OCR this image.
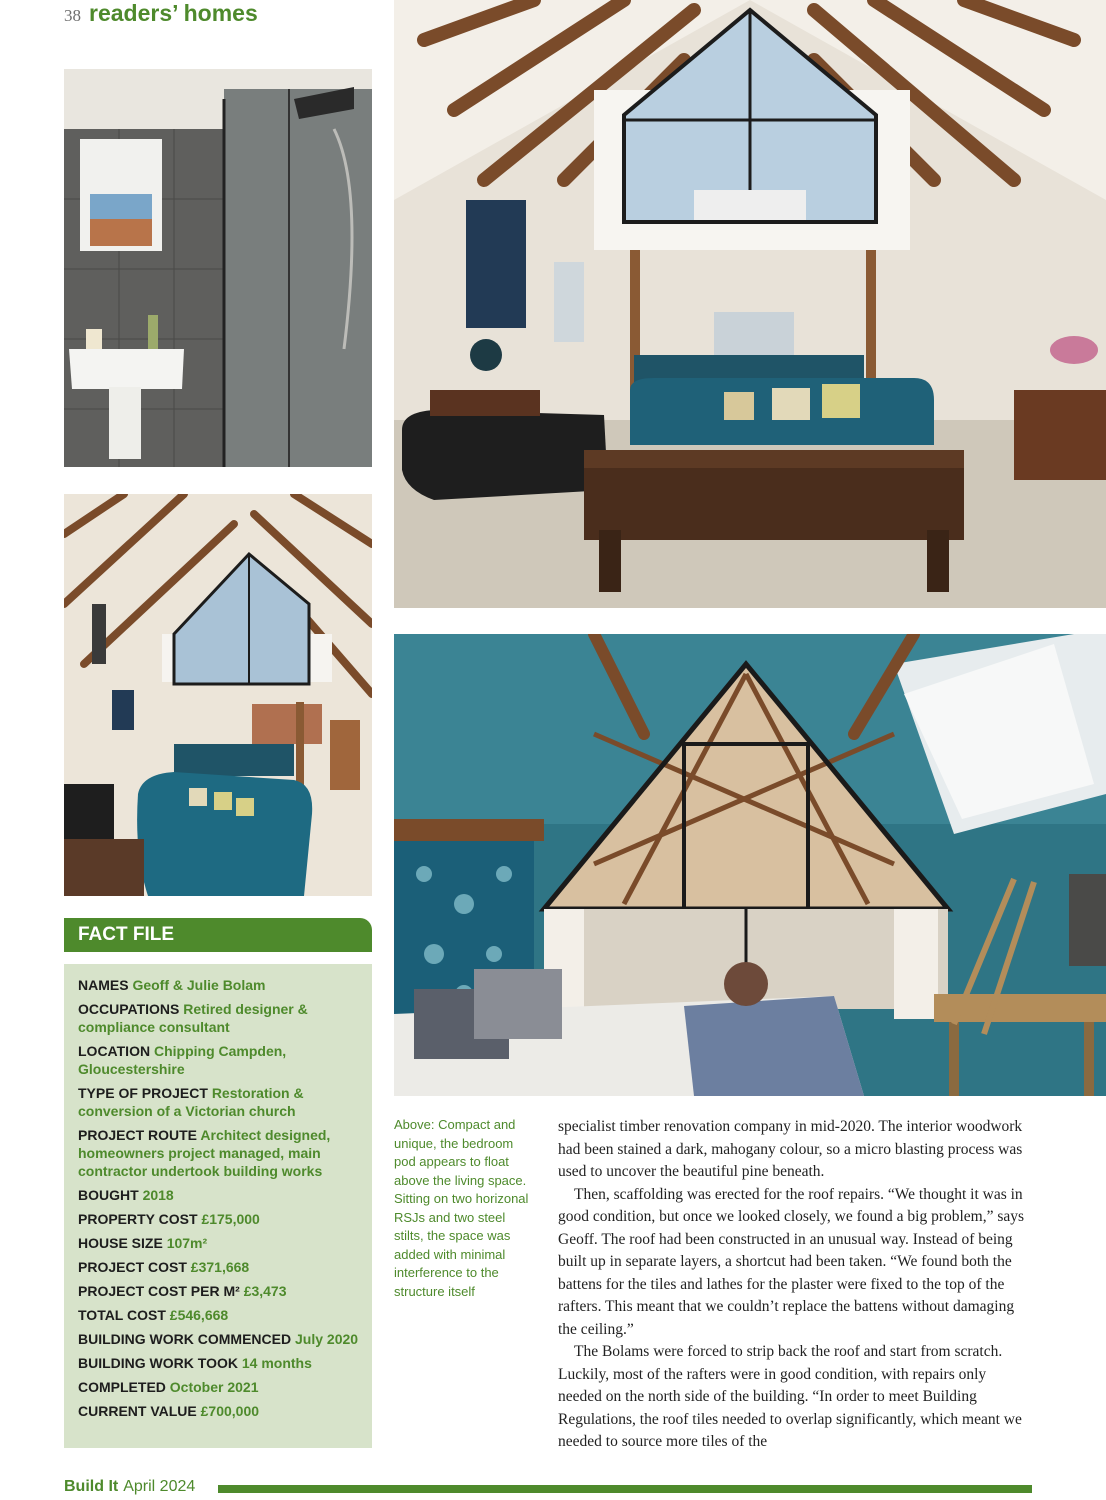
38 readers’ homes
FACT FILE
NAMES Geoff & Julie Bolam
OCCUPATIONS Retired designer & compliance consultant
LOCATION Chipping Campden, Gloucestershire
TYPE OF PROJECT Restoration & conversion of a Victorian church
PROJECT ROUTE Architect designed, homeowners project managed, main contractor undertook building works
BOUGHT 2018
PROPERTY COST £175,000
HOUSE SIZE 107m²
PROJECT COST £371,668
PROJECT COST PER M² £3,473
TOTAL COST £546,668
BUILDING WORK COMMENCED July 2020
BUILDING WORK TOOK 14 months
COMPLETED October 2021
CURRENT VALUE £700,000
Above: Compact and unique, the bedroom pod appears to float above the living space. Sitting on two horizonal RSJs and two steel stilts, the space was added with minimal interference to the structure itself

specialist timber renovation company in mid-2020. The interior woodwork had been stained a dark, mahogany colour, so a micro blasting process was used to uncover the beautiful pine beneath.

Then, scaffolding was erected for the roof repairs. “We thought it was in good condition, but once we looked closely, we found a big problem,” says Geoff. The roof had been constructed in an unusual way. Instead of being built up in separate layers, a shortcut had been taken. “We found both the battens for the tiles and lathes for the plaster were fixed to the top of the rafters. This meant that we couldn’t replace the battens without damaging the ceiling.”

The Bolams were forced to strip back the roof and start from scratch. Luckily, most of the rafters were in good condition, with repairs only needed on the north side of the building. “In order to meet Building Regulations, the roof tiles needed to overlap significantly, which meant we needed to source more tiles of the

Build It April 2024
